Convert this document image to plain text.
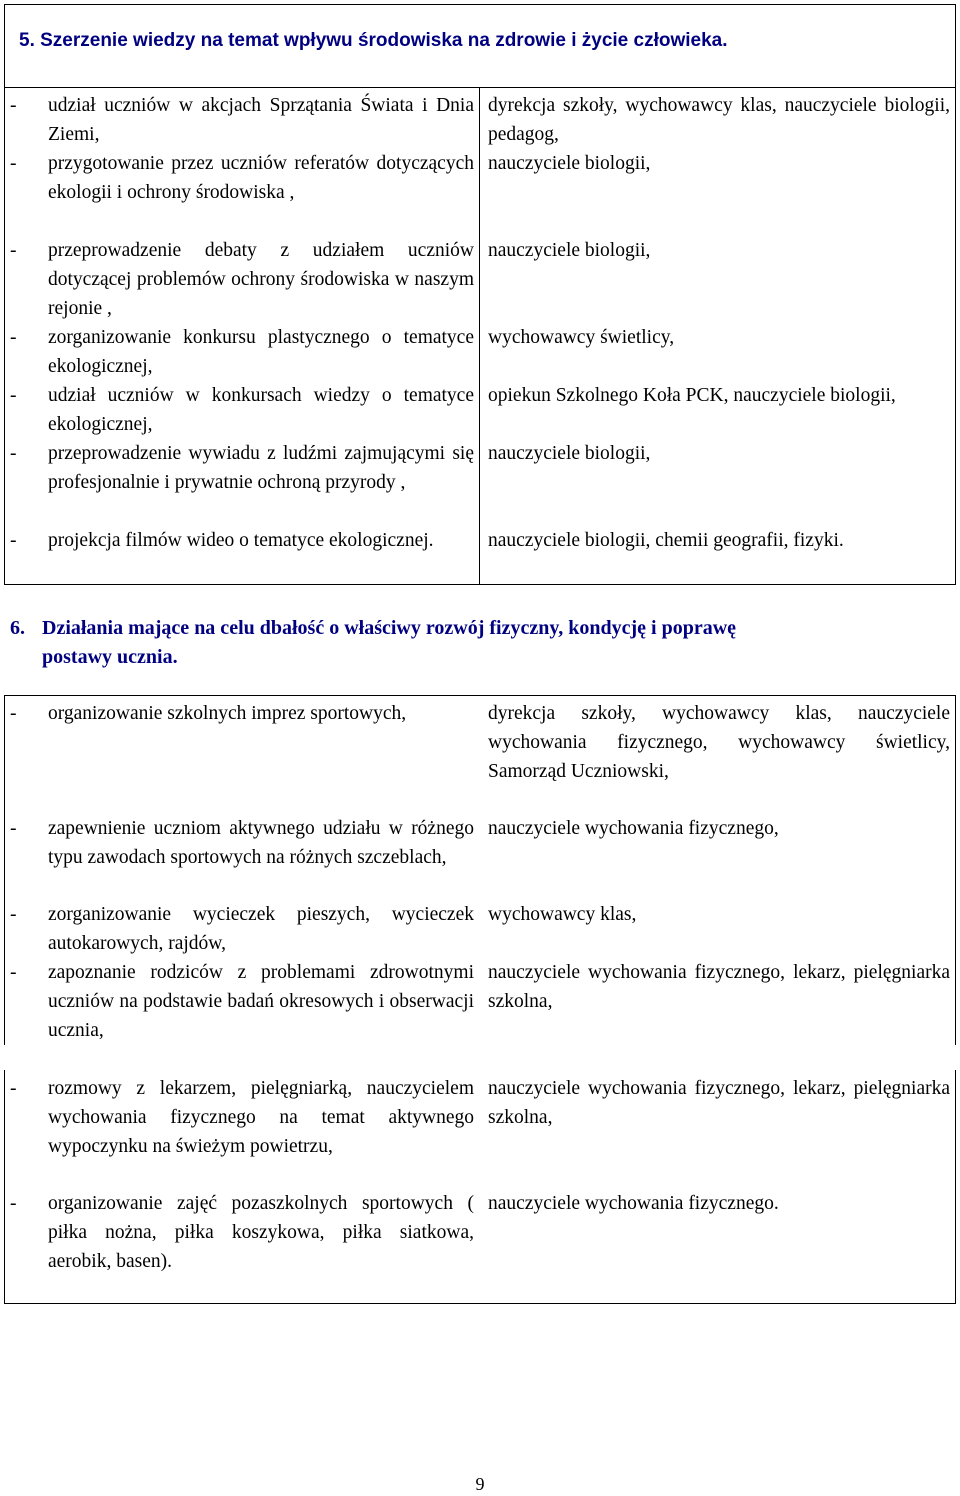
5. Szerzenie wiedzy na temat wpływu środowiska na zdrowie i życie człowieka.
-	udział uczniów w akcjach Sprzątania Świata i Dnia Ziemi,
dyrekcja szkoły, wychowawcy klas, nauczyciele biologii, pedagog,
-	przygotowanie przez uczniów referatów dotyczących ekologii i ochrony środowiska ,
nauczyciele biologii,
-	przeprowadzenie debaty z udziałem uczniów dotyczącej problemów ochrony środowiska w naszym rejonie ,
nauczyciele biologii,
-	zorganizowanie konkursu plastycznego o tematyce ekologicznej,
wychowawcy świetlicy,
-	udział uczniów w konkursach wiedzy o tematyce ekologicznej,
opiekun Szkolnego Koła PCK, nauczyciele biologii,
-	przeprowadzenie wywiadu z ludźmi zajmującymi się profesjonalnie i prywatnie ochroną przyrody ,
nauczyciele biologii,
-	projekcja filmów wideo o tematyce ekologicznej.	nauczyciele biologii, chemii geografii, fizyki.
6. Działania mające na celu dbałość o właściwy rozwój fizyczny, kondycję i poprawę
postawy ucznia.
-	organizowanie szkolnych imprez sportowych,	dyrekcja szkoły, wychowawcy klas, nauczyciele wychowania fizycznego, wychowawcy świetlicy, Samorząd Uczniowski,
-	zapewnienie uczniom aktywnego udziału w różnego typu zawodach sportowych na różnych szczeblach,
nauczyciele wychowania fizycznego,
-	zorganizowanie wycieczek pieszych, wycieczek autokarowych, rajdów,
wychowawcy klas,
-	zapoznanie rodziców z problemami zdrowotnymi uczniów na podstawie badań okresowych i obserwacji ucznia,
nauczyciele wychowania fizycznego, lekarz, pielęgniarka szkolna,
-	rozmowy z lekarzem, pielęgniarką, nauczycielem wychowania fizycznego na temat aktywnego wypoczynku na świeżym powietrzu,
nauczyciele wychowania fizycznego, lekarz, pielęgniarka szkolna,
-	organizowanie zajęć pozaszkolnych sportowych ( piłka nożna, piłka koszykowa, piłka siatkowa, aerobik, basen).
nauczyciele wychowania fizycznego.
9
